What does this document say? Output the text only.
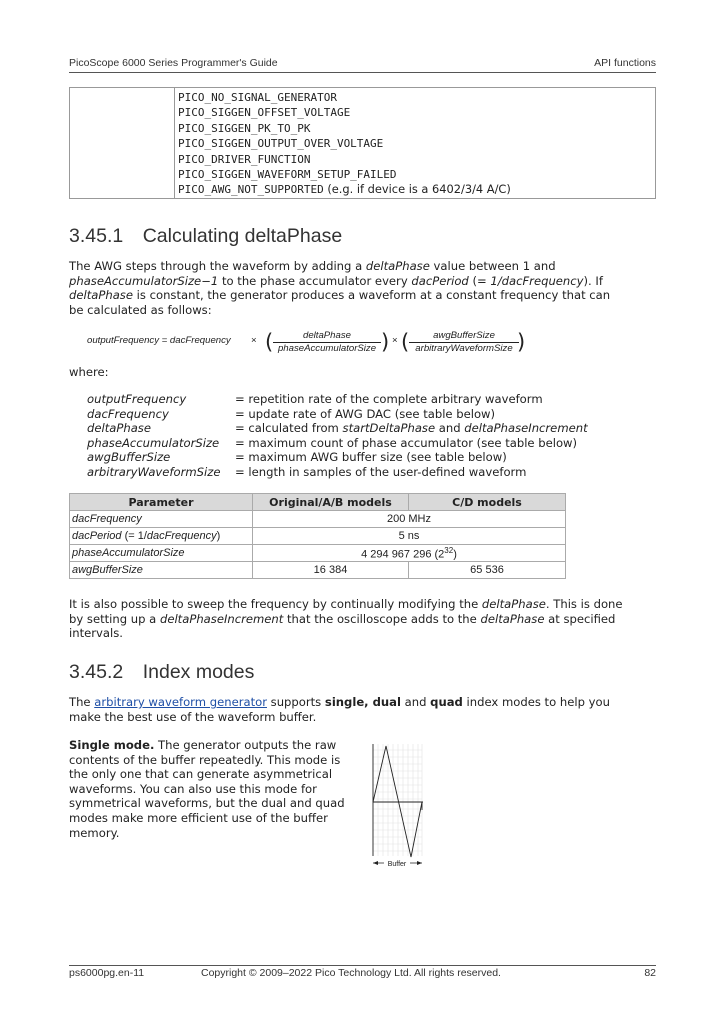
PicoScope 6000 Series Programmer's Guide	API functions
PICO_NO_SIGNAL_GENERATOR
PICO_SIGGEN_OFFSET_VOLTAGE
PICO_SIGGEN_PK_TO_PK
PICO_SIGGEN_OUTPUT_OVER_VOLTAGE
PICO_DRIVER_FUNCTION
PICO_SIGGEN_WAVEFORM_SETUP_FAILED
PICO_AWG_NOT_SUPPORTED (e.g. if device is a 6402/3/4 A/C)
3.45.1 Calculating deltaPhase
The AWG steps through the waveform by adding a deltaPhase value between 1 and
phaseAccumulatorSize−1 to the phase accumulator every dacPeriod (= 1/dacFrequency). If
deltaPhase is constant, the generator produces a waveform at a constant frequency that can
be calculated as follows:
outputFrequency = dacFrequency × (	deltaPhase
phaseAccumulatorSize ) × (	awgBufferSize
arbitraryWaveformSize )
where:
outputFrequency	= repetition rate of the complete arbitrary waveform
dacFrequency	= update rate of AWG DAC (see table below)
deltaPhase	= calculated from startDeltaPhase and deltaPhaseIncrement
phaseAccumulatorSize	= maximum count of phase accumulator (see table below)
awgBufferSize	= maximum AWG buffer size (see table below)
arbitraryWaveformSize	= length in samples of the user-defined waveform
Parameter	Original/A/B models	C/D models
dacFrequency	200 MHz	
dacPeriod (= 1/dacFrequency)	5 ns	
phaseAccumulatorSize	4 294 967 296 $(2^{32})$	
awgBufferSize	16 384	65 536
It is also possible to sweep the frequency by continually modifying the deltaPhase. This is done
by setting up a deltaPhaseIncrement that the oscilloscope adds to the deltaPhase at specified
intervals.
3.45.2 Index modes
The arbitrary waveform generator supports single, dual and quad index modes to help you
make the best use of the waveform buffer.
Single mode. The generator outputs the raw
contents of the buffer repeatedly. This mode is
the only one that can generate asymmetrical
waveforms. You can also use this mode for
symmetrical waveforms, but the dual and quad
modes make more efficient use of the buffer
memory.
Buffer
ps6000pg.en-11	Copyright © 2009–2022 Pico Technology Ltd. All rights reserved.	82
